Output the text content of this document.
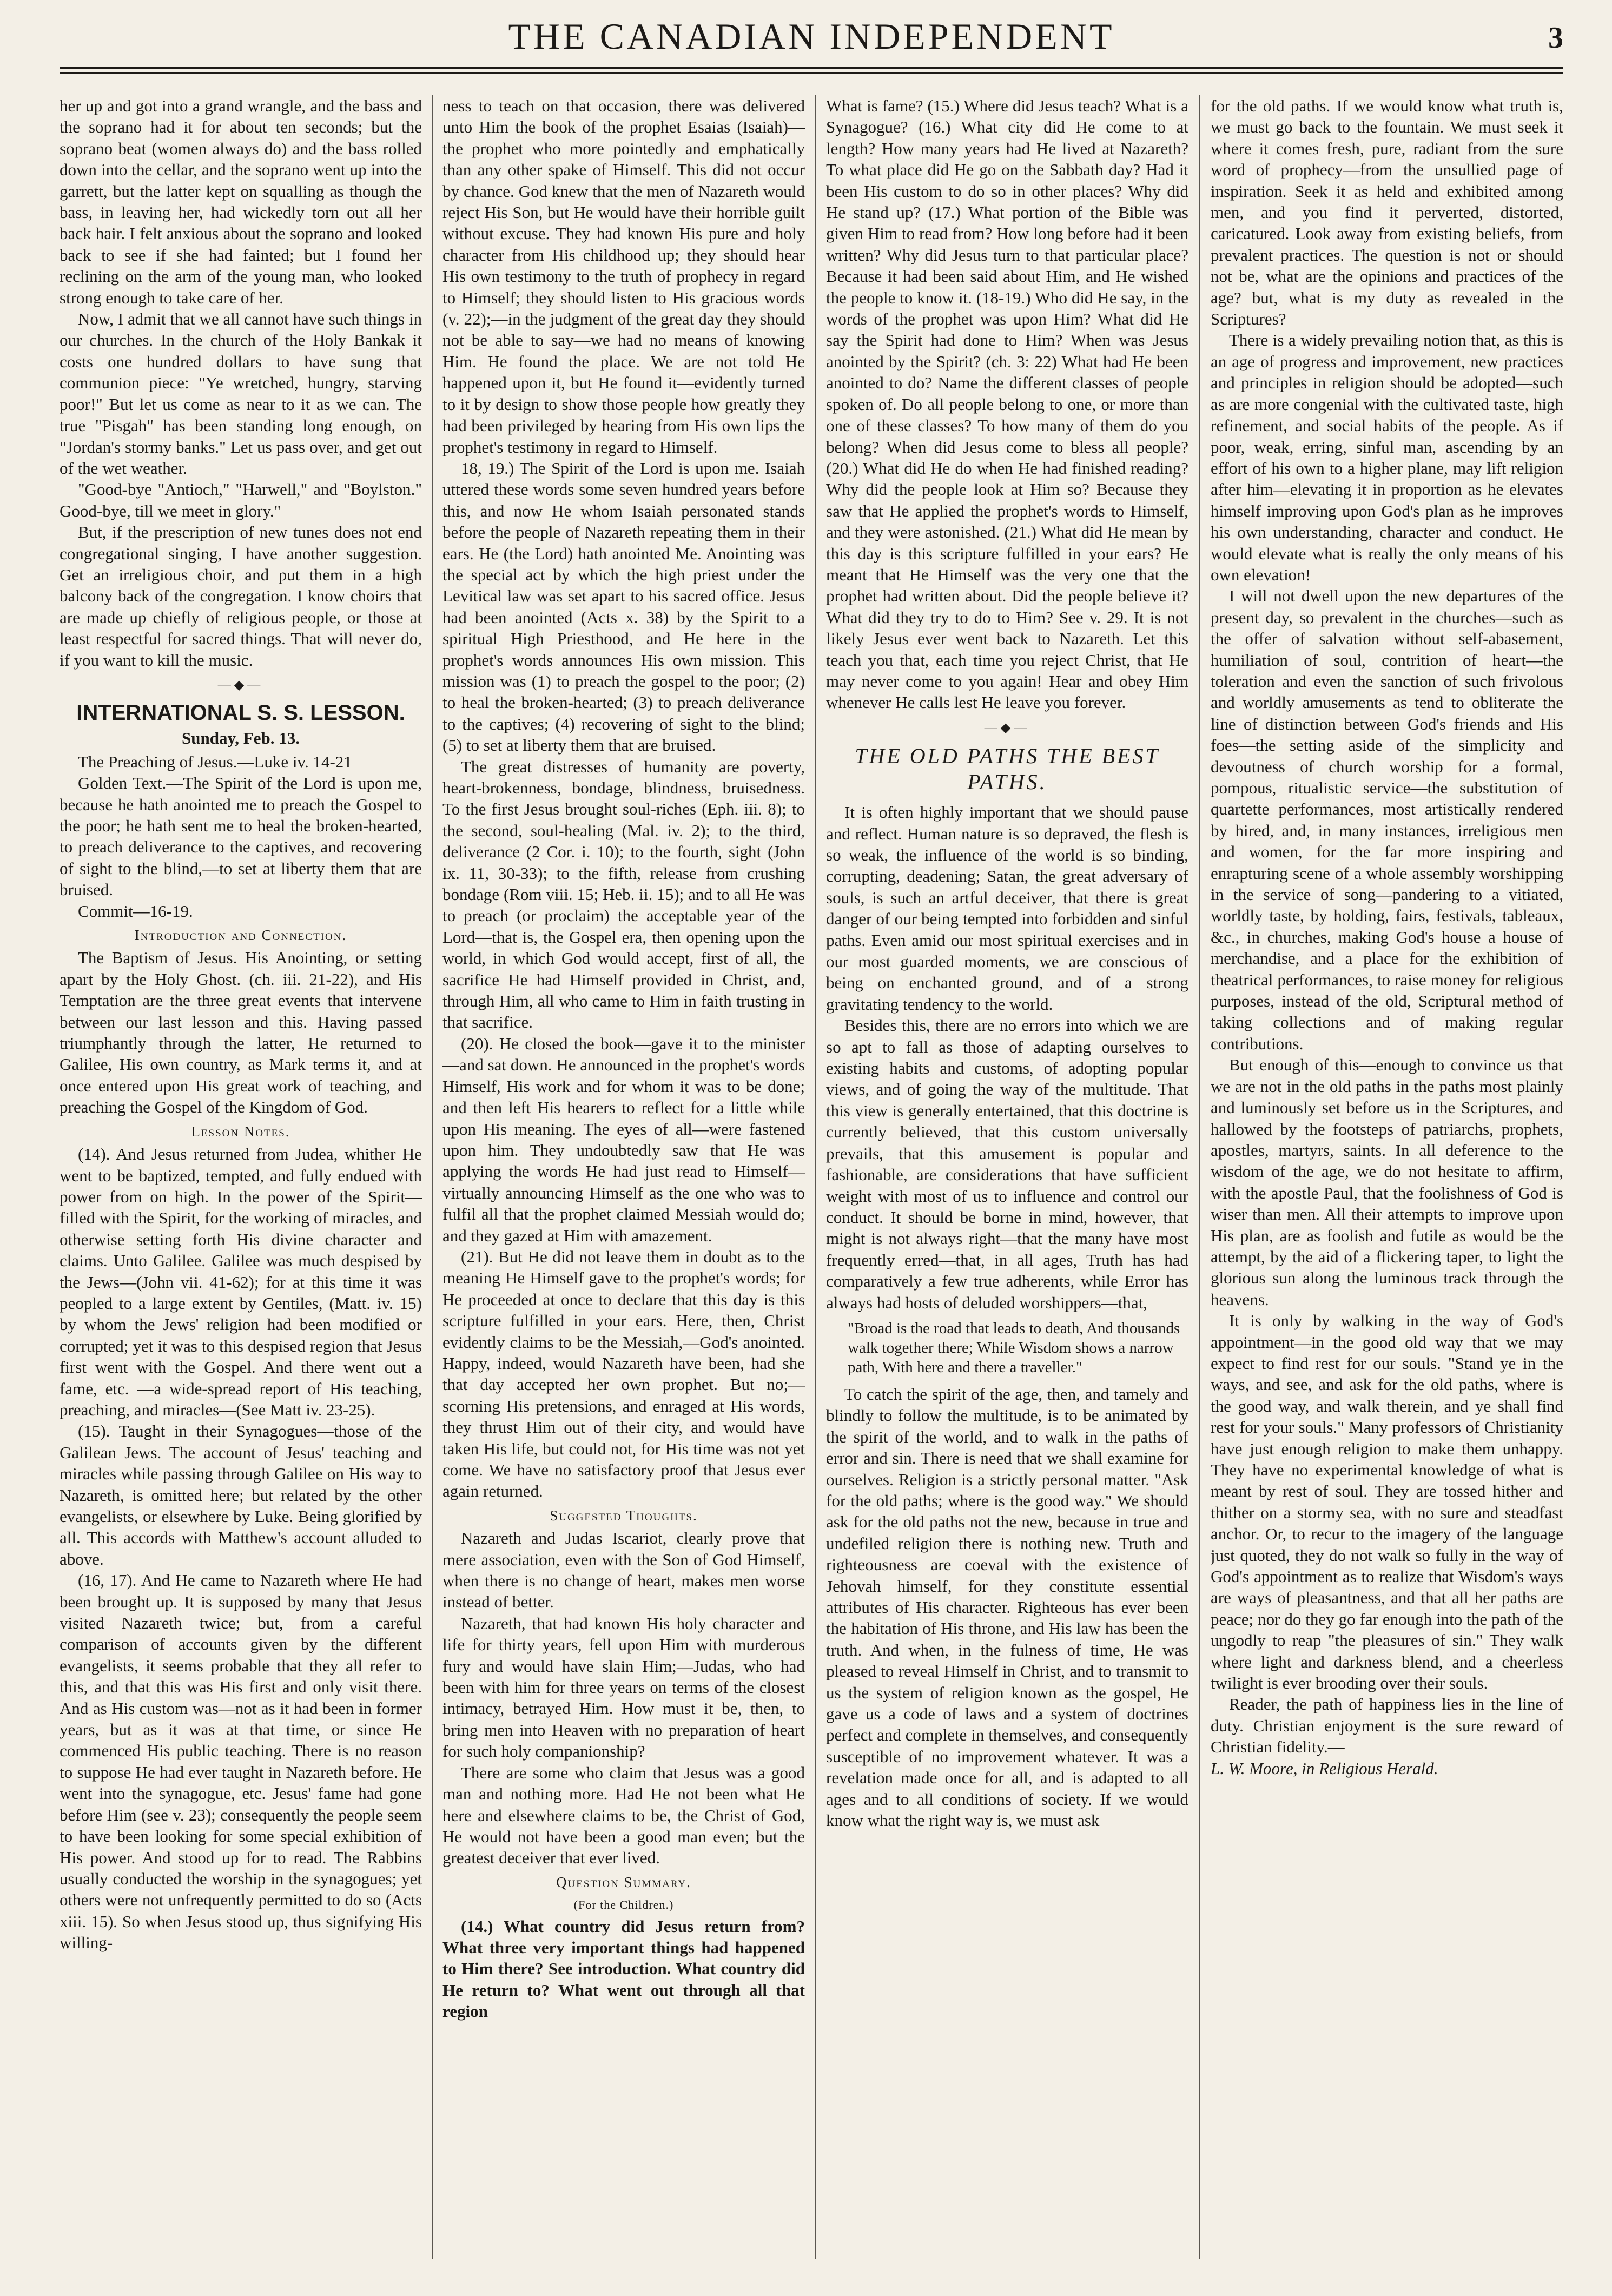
THE CANADIAN INDEPENDENT	3

her up and got into a grand wrangle, and the bass and the soprano had it for about ten seconds; but the soprano beat (women always do) and the bass rolled down into the cellar, and the soprano went up into the garrett, but the latter kept on squalling as though the bass, in leaving her, had wickedly torn out all her back hair. I felt anxious about the soprano and looked back to see if she had fainted; but I found her reclining on the arm of the young man, who looked strong enough to take care of her.

Now, I admit that we all cannot have such things in our churches. In the church of the Holy Bankak it costs one hundred dollars to have sung that communion piece: "Ye wretched, hungry, starving poor!" But let us come as near to it as we can. The true "Pisgah" has been standing long enough, on "Jordan's stormy banks." Let us pass over, and get out of the wet weather.

"Good-bye "Antioch," "Harwell," and "Boylston." Good-bye, till we meet in glory."

But, if the prescription of new tunes does not end congregational singing, I have another suggestion. Get an irreligious choir, and put them in a high balcony back of the congregation. I know choirs that are made up chiefly of religious people, or those at least respectful for sacred things. That will never do, if you want to kill the music.

—◆—
INTERNATIONAL S. S. LESSON.
Sunday, Feb. 13.

The Preaching of Jesus.—Luke iv. 14-21

Golden Text.—The Spirit of the Lord is upon me, because he hath anointed me to preach the Gospel to the poor; he hath sent me to heal the broken-hearted, to preach deliverance to the captives, and recovering of sight to the blind,—to set at liberty them that are bruised.

Commit—16-19.

Introduction and Connection.

The Baptism of Jesus. His Anointing, or setting apart by the Holy Ghost. (ch. iii. 21-22), and His Temptation are the three great events that intervene between our last lesson and this. Having passed triumphantly through the latter, He returned to Galilee, His own country, as Mark terms it, and at once entered upon His great work of teaching, and preaching the Gospel of the Kingdom of God.

Lesson Notes.

(14). And Jesus returned from Judea, whither He went to be baptized, tempted, and fully endued with power from on high. In the power of the Spirit—filled with the Spirit, for the working of miracles, and otherwise setting forth His divine character and claims. Unto Galilee. Galilee was much despised by the Jews—(John vii. 41-62); for at this time it was peopled to a large extent by Gentiles, (Matt. iv. 15) by whom the Jews' religion had been modified or corrupted; yet it was to this despised region that Jesus first went with the Gospel. And there went out a fame, etc. —a wide-spread report of His teaching, preaching, and miracles—(See Matt iv. 23-25).

(15). Taught in their Synagogues—those of the Galilean Jews. The account of Jesus' teaching and miracles while passing through Galilee on His way to Nazareth, is omitted here; but related by the other evangelists, or elsewhere by Luke. Being glorified by all. This accords with Matthew's account alluded to above.

(16, 17). And He came to Nazareth where He had been brought up. It is supposed by many that Jesus visited Nazareth twice; but, from a careful comparison of accounts given by the different evangelists, it seems probable that they all refer to this, and that this was His first and only visit there. And as His custom was—not as it had been in former years, but as it was at that time, or since He commenced His public teaching. There is no reason to suppose He had ever taught in Nazareth before. He went into the synagogue, etc. Jesus' fame had gone before Him (see v. 23); consequently the people seem to have been looking for some special exhibition of His power. And stood up for to read. The Rabbins usually conducted the worship in the synagogues; yet others were not unfrequently permitted to do so (Acts xiii. 15). So when Jesus stood up, thus signifying His willing-

ness to teach on that occasion, there was delivered unto Him the book of the prophet Esaias (Isaiah)—the prophet who more pointedly and emphatically than any other spake of Himself. This did not occur by chance. God knew that the men of Nazareth would reject His Son, but He would have their horrible guilt without excuse. They had known His pure and holy character from His childhood up; they should hear His own testimony to the truth of prophecy in regard to Himself; they should listen to His gracious words (v. 22);—in the judgment of the great day they should not be able to say—we had no means of knowing Him. He found the place. We are not told He happened upon it, but He found it—evidently turned to it by design to show those people how greatly they had been privileged by hearing from His own lips the prophet's testimony in regard to Himself.

18, 19.) The Spirit of the Lord is upon me. Isaiah uttered these words some seven hundred years before this, and now He whom Isaiah personated stands before the people of Nazareth repeating them in their ears. He (the Lord) hath anointed Me. Anointing was the special act by which the high priest under the Levitical law was set apart to his sacred office. Jesus had been anointed (Acts x. 38) by the Spirit to a spiritual High Priesthood, and He here in the prophet's words announces His own mission. This mission was (1) to preach the gospel to the poor; (2) to heal the broken-hearted; (3) to preach deliverance to the captives; (4) recovering of sight to the blind; (5) to set at liberty them that are bruised.

The great distresses of humanity are poverty, heart-brokenness, bondage, blindness, bruisedness. To the first Jesus brought soul-riches (Eph. iii. 8); to the second, soul-healing (Mal. iv. 2); to the third, deliverance (2 Cor. i. 10); to the fourth, sight (John ix. 11, 30-33); to the fifth, release from crushing bondage (Rom viii. 15; Heb. ii. 15); and to all He was to preach (or proclaim) the acceptable year of the Lord—that is, the Gospel era, then opening upon the world, in which God would accept, first of all, the sacrifice He had Himself provided in Christ, and, through Him, all who came to Him in faith trusting in that sacrifice.

(20). He closed the book—gave it to the minister—and sat down. He announced in the prophet's words Himself, His work and for whom it was to be done; and then left His hearers to reflect for a little while upon His meaning. The eyes of all—were fastened upon him. They undoubtedly saw that He was applying the words He had just read to Himself—virtually announcing Himself as the one who was to fulfil all that the prophet claimed Messiah would do; and they gazed at Him with amazement.

(21). But He did not leave them in doubt as to the meaning He Himself gave to the prophet's words; for He proceeded at once to declare that this day is this scripture fulfilled in your ears. Here, then, Christ evidently claims to be the Messiah,—God's anointed. Happy, indeed, would Nazareth have been, had she that day accepted her own prophet. But no;—scorning His pretensions, and enraged at His words, they thrust Him out of their city, and would have taken His life, but could not, for His time was not yet come. We have no satisfactory proof that Jesus ever again returned.

Suggested Thoughts.

Nazareth and Judas Iscariot, clearly prove that mere association, even with the Son of God Himself, when there is no change of heart, makes men worse instead of better.

Nazareth, that had known His holy character and life for thirty years, fell upon Him with murderous fury and would have slain Him;—Judas, who had been with him for three years on terms of the closest intimacy, betrayed Him. How must it be, then, to bring men into Heaven with no preparation of heart for such holy companionship?

There are some who claim that Jesus was a good man and nothing more. Had He not been what He here and elsewhere claims to be, the Christ of God, He would not have been a good man even; but the greatest deceiver that ever lived.

Question Summary.
(For the Children.)

(14.) What country did Jesus return from? What three very important things had happened to Him there? See introduction. What country did He return to? What went out through all that region

What is fame? (15.) Where did Jesus teach? What is a Synagogue? (16.) What city did He come to at length? How many years had He lived at Nazareth? To what place did He go on the Sabbath day? Had it been His custom to do so in other places? Why did He stand up? (17.) What portion of the Bible was given Him to read from? How long before had it been written? Why did Jesus turn to that particular place? Because it had been said about Him, and He wished the people to know it. (18-19.) Who did He say, in the words of the prophet was upon Him? What did He say the Spirit had done to Him? When was Jesus anointed by the Spirit? (ch. 3: 22) What had He been anointed to do? Name the different classes of people spoken of. Do all people belong to one, or more than one of these classes? To how many of them do you belong? When did Jesus come to bless all people? (20.) What did He do when He had finished reading? Why did the people look at Him so? Because they saw that He applied the prophet's words to Himself, and they were astonished. (21.) What did He mean by this day is this scripture fulfilled in your ears? He meant that He Himself was the very one that the prophet had written about. Did the people believe it? What did they try to do to Him? See v. 29. It is not likely Jesus ever went back to Nazareth. Let this teach you that, each time you reject Christ, that He may never come to you again! Hear and obey Him whenever He calls lest He leave you forever.

—◆—
THE OLD PATHS THE BEST PATHS.

It is often highly important that we should pause and reflect. Human nature is so depraved, the flesh is so weak, the influence of the world is so binding, corrupting, deadening; Satan, the great adversary of souls, is such an artful deceiver, that there is great danger of our being tempted into forbidden and sinful paths. Even amid our most spiritual exercises and in our most guarded moments, we are conscious of being on enchanted ground, and of a strong gravitating tendency to the world.

Besides this, there are no errors into which we are so apt to fall as those of adapting ourselves to existing habits and customs, of adopting popular views, and of going the way of the multitude. That this view is generally entertained, that this doctrine is currently believed, that this custom universally prevails, that this amusement is popular and fashionable, are considerations that have sufficient weight with most of us to influence and control our conduct. It should be borne in mind, however, that might is not always right—that the many have most frequently erred—that, in all ages, Truth has had comparatively a few true adherents, while Error has always had hosts of deluded worshippers—that,

"Broad is the road that leads to death, And thousands walk together there; While Wisdom shows a narrow path, With here and there a traveller."

To catch the spirit of the age, then, and tamely and blindly to follow the multitude, is to be animated by the spirit of the world, and to walk in the paths of error and sin. There is need that we shall examine for ourselves. Religion is a strictly personal matter. "Ask for the old paths; where is the good way." We should ask for the old paths not the new, because in true and undefiled religion there is nothing new. Truth and righteousness are coeval with the existence of Jehovah himself, for they constitute essential attributes of His character. Righteous has ever been the habitation of His throne, and His law has been the truth. And when, in the fulness of time, He was pleased to reveal Himself in Christ, and to transmit to us the system of religion known as the gospel, He gave us a code of laws and a system of doctrines perfect and complete in themselves, and consequently susceptible of no improvement whatever. It was a revelation made once for all, and is adapted to all ages and to all conditions of society. If we would know what the right way is, we must ask

for the old paths. If we would know what truth is, we must go back to the fountain. We must seek it where it comes fresh, pure, radiant from the sure word of prophecy—from the unsullied page of inspiration. Seek it as held and exhibited among men, and you find it perverted, distorted, caricatured. Look away from existing beliefs, from prevalent practices. The question is not or should not be, what are the opinions and practices of the age? but, what is my duty as revealed in the Scriptures?

There is a widely prevailing notion that, as this is an age of progress and improvement, new practices and principles in religion should be adopted—such as are more congenial with the cultivated taste, high refinement, and social habits of the people. As if poor, weak, erring, sinful man, ascending by an effort of his own to a higher plane, may lift religion after him—elevating it in proportion as he elevates himself improving upon God's plan as he improves his own understanding, character and conduct. He would elevate what is really the only means of his own elevation!

I will not dwell upon the new departures of the present day, so prevalent in the churches—such as the offer of salvation without self-abasement, humiliation of soul, contrition of heart—the toleration and even the sanction of such frivolous and worldly amusements as tend to obliterate the line of distinction between God's friends and His foes—the setting aside of the simplicity and devoutness of church worship for a formal, pompous, ritualistic service—the substitution of quartette performances, most artistically rendered by hired, and, in many instances, irreligious men and women, for the far more inspiring and enrapturing scene of a whole assembly worshipping in the service of song—pandering to a vitiated, worldly taste, by holding, fairs, festivals, tableaux, &c., in churches, making God's house a house of merchandise, and a place for the exhibition of theatrical performances, to raise money for religious purposes, instead of the old, Scriptural method of taking collections and of making regular contributions.

But enough of this—enough to convince us that we are not in the old paths in the paths most plainly and luminously set before us in the Scriptures, and hallowed by the footsteps of patriarchs, prophets, apostles, martyrs, saints. In all deference to the wisdom of the age, we do not hesitate to affirm, with the apostle Paul, that the foolishness of God is wiser than men. All their attempts to improve upon His plan, are as foolish and futile as would be the attempt, by the aid of a flickering taper, to light the glorious sun along the luminous track through the heavens.

It is only by walking in the way of God's appointment—in the good old way that we may expect to find rest for our souls. "Stand ye in the ways, and see, and ask for the old paths, where is the good way, and walk therein, and ye shall find rest for your souls." Many professors of Christianity have just enough religion to make them unhappy. They have no experimental knowledge of what is meant by rest of soul. They are tossed hither and thither on a stormy sea, with no sure and steadfast anchor. Or, to recur to the imagery of the language just quoted, they do not walk so fully in the way of God's appointment as to realize that Wisdom's ways are ways of pleasantness, and that all her paths are peace; nor do they go far enough into the path of the ungodly to reap "the pleasures of sin." They walk where light and darkness blend, and a cheerless twilight is ever brooding over their souls.

Reader, the path of happiness lies in the line of duty. Christian enjoyment is the sure reward of Christian fidelity.—

L. W. Moore, in Religious Herald.
